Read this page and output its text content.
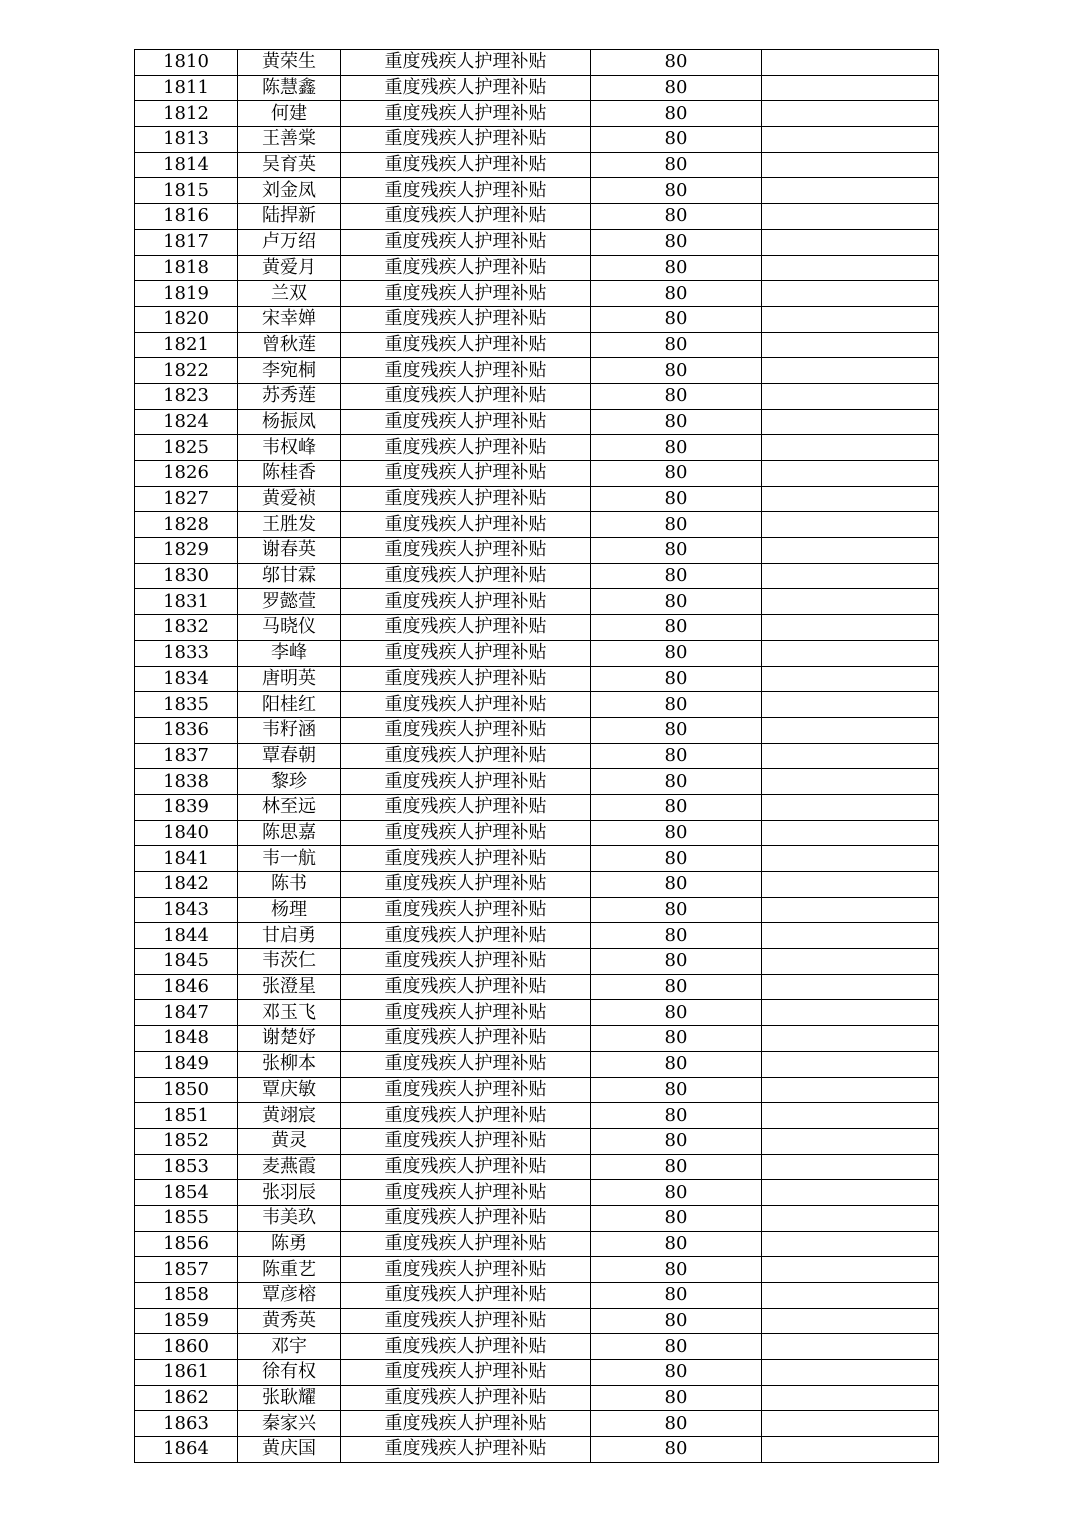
1810	黄荣生	重度残疾人护理补贴	80	
1811	陈慧鑫	重度残疾人护理补贴	80	
1812	何建	重度残疾人护理补贴	80	
1813	王善棠	重度残疾人护理补贴	80	
1814	吴育英	重度残疾人护理补贴	80	
1815	刘金凤	重度残疾人护理补贴	80	
1816	陆捍新	重度残疾人护理补贴	80	
1817	卢万绍	重度残疾人护理补贴	80	
1818	黄爱月	重度残疾人护理补贴	80	
1819	兰双	重度残疾人护理补贴	80	
1820	宋幸婵	重度残疾人护理补贴	80	
1821	曾秋莲	重度残疾人护理补贴	80	
1822	李宛桐	重度残疾人护理补贴	80	
1823	苏秀莲	重度残疾人护理补贴	80	
1824	杨振凤	重度残疾人护理补贴	80	
1825	韦权峰	重度残疾人护理补贴	80	
1826	陈桂香	重度残疾人护理补贴	80	
1827	黄爱祯	重度残疾人护理补贴	80	
1828	王胜发	重度残疾人护理补贴	80	
1829	谢春英	重度残疾人护理补贴	80	
1830	邬甘霖	重度残疾人护理补贴	80	
1831	罗懿萱	重度残疾人护理补贴	80	
1832	马晓仪	重度残疾人护理补贴	80	
1833	李峰	重度残疾人护理补贴	80	
1834	唐明英	重度残疾人护理补贴	80	
1835	阳桂红	重度残疾人护理补贴	80	
1836	韦籽涵	重度残疾人护理补贴	80	
1837	覃春朝	重度残疾人护理补贴	80	
1838	黎珍	重度残疾人护理补贴	80	
1839	林至远	重度残疾人护理补贴	80	
1840	陈思嘉	重度残疾人护理补贴	80	
1841	韦一航	重度残疾人护理补贴	80	
1842	陈书	重度残疾人护理补贴	80	
1843	杨理	重度残疾人护理补贴	80	
1844	甘启勇	重度残疾人护理补贴	80	
1845	韦茨仁	重度残疾人护理补贴	80	
1846	张澄星	重度残疾人护理补贴	80	
1847	邓玉飞	重度残疾人护理补贴	80	
1848	谢楚妤	重度残疾人护理补贴	80	
1849	张柳本	重度残疾人护理补贴	80	
1850	覃庆敏	重度残疾人护理补贴	80	
1851	黄翊宸	重度残疾人护理补贴	80	
1852	黄灵	重度残疾人护理补贴	80	
1853	麦燕霞	重度残疾人护理补贴	80	
1854	张羽辰	重度残疾人护理补贴	80	
1855	韦美玖	重度残疾人护理补贴	80	
1856	陈勇	重度残疾人护理补贴	80	
1857	陈重艺	重度残疾人护理补贴	80	
1858	覃彦榕	重度残疾人护理补贴	80	
1859	黄秀英	重度残疾人护理补贴	80	
1860	邓宇	重度残疾人护理补贴	80	
1861	徐有权	重度残疾人护理补贴	80	
1862	张耿耀	重度残疾人护理补贴	80	
1863	秦家兴	重度残疾人护理补贴	80	
1864	黄庆国	重度残疾人护理补贴	80	
